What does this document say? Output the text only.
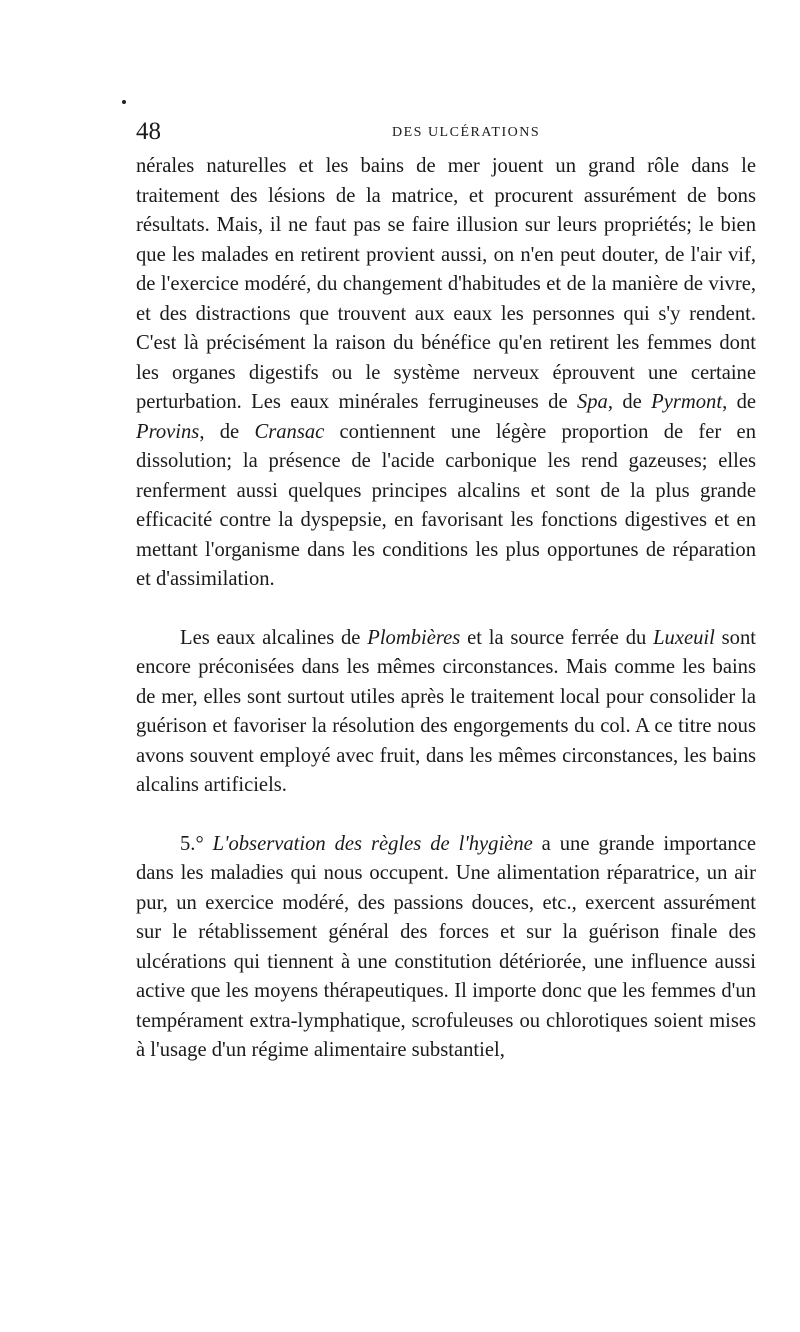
48	DES ULCÉRATIONS

nérales naturelles et les bains de mer jouent un grand rôle dans le traitement des lésions de la matrice, et procurent assurément de bons résultats. Mais, il ne faut pas se faire illusion sur leurs propriétés; le bien que les malades en retirent provient aussi, on n'en peut douter, de l'air vif, de l'exercice modéré, du changement d'habitudes et de la manière de vivre, et des distractions que trouvent aux eaux les personnes qui s'y rendent. C'est là précisément la raison du bénéfice qu'en retirent les femmes dont les organes digestifs ou le système nerveux éprouvent une certaine perturbation. Les eaux minérales ferrugineuses de Spa, de Pyrmont, de Provins, de Cransac contiennent une légère proportion de fer en dissolution; la présence de l'acide carbonique les rend gazeuses; elles renferment aussi quelques principes alcalins et sont de la plus grande efficacité contre la dyspepsie, en favorisant les fonctions digestives et en mettant l'organisme dans les conditions les plus opportunes de réparation et d'assimilation.

Les eaux alcalines de Plombières et la source ferrée du Luxeuil sont encore préconisées dans les mêmes circonstances. Mais comme les bains de mer, elles sont surtout utiles après le traitement local pour consolider la guérison et favoriser la résolution des engorgements du col. A ce titre nous avons souvent employé avec fruit, dans les mêmes circonstances, les bains alcalins artificiels.

5.° L'observation des règles de l'hygiène a une grande importance dans les maladies qui nous occupent. Une alimentation réparatrice, un air pur, un exercice modéré, des passions douces, etc., exercent assurément sur le rétablissement général des forces et sur la guérison finale des ulcérations qui tiennent à une constitution détériorée, une influence aussi active que les moyens thérapeutiques. Il importe donc que les femmes d'un tempérament extra-lymphatique, scrofuleuses ou chlorotiques soient mises à l'usage d'un régime alimentaire substantiel,
